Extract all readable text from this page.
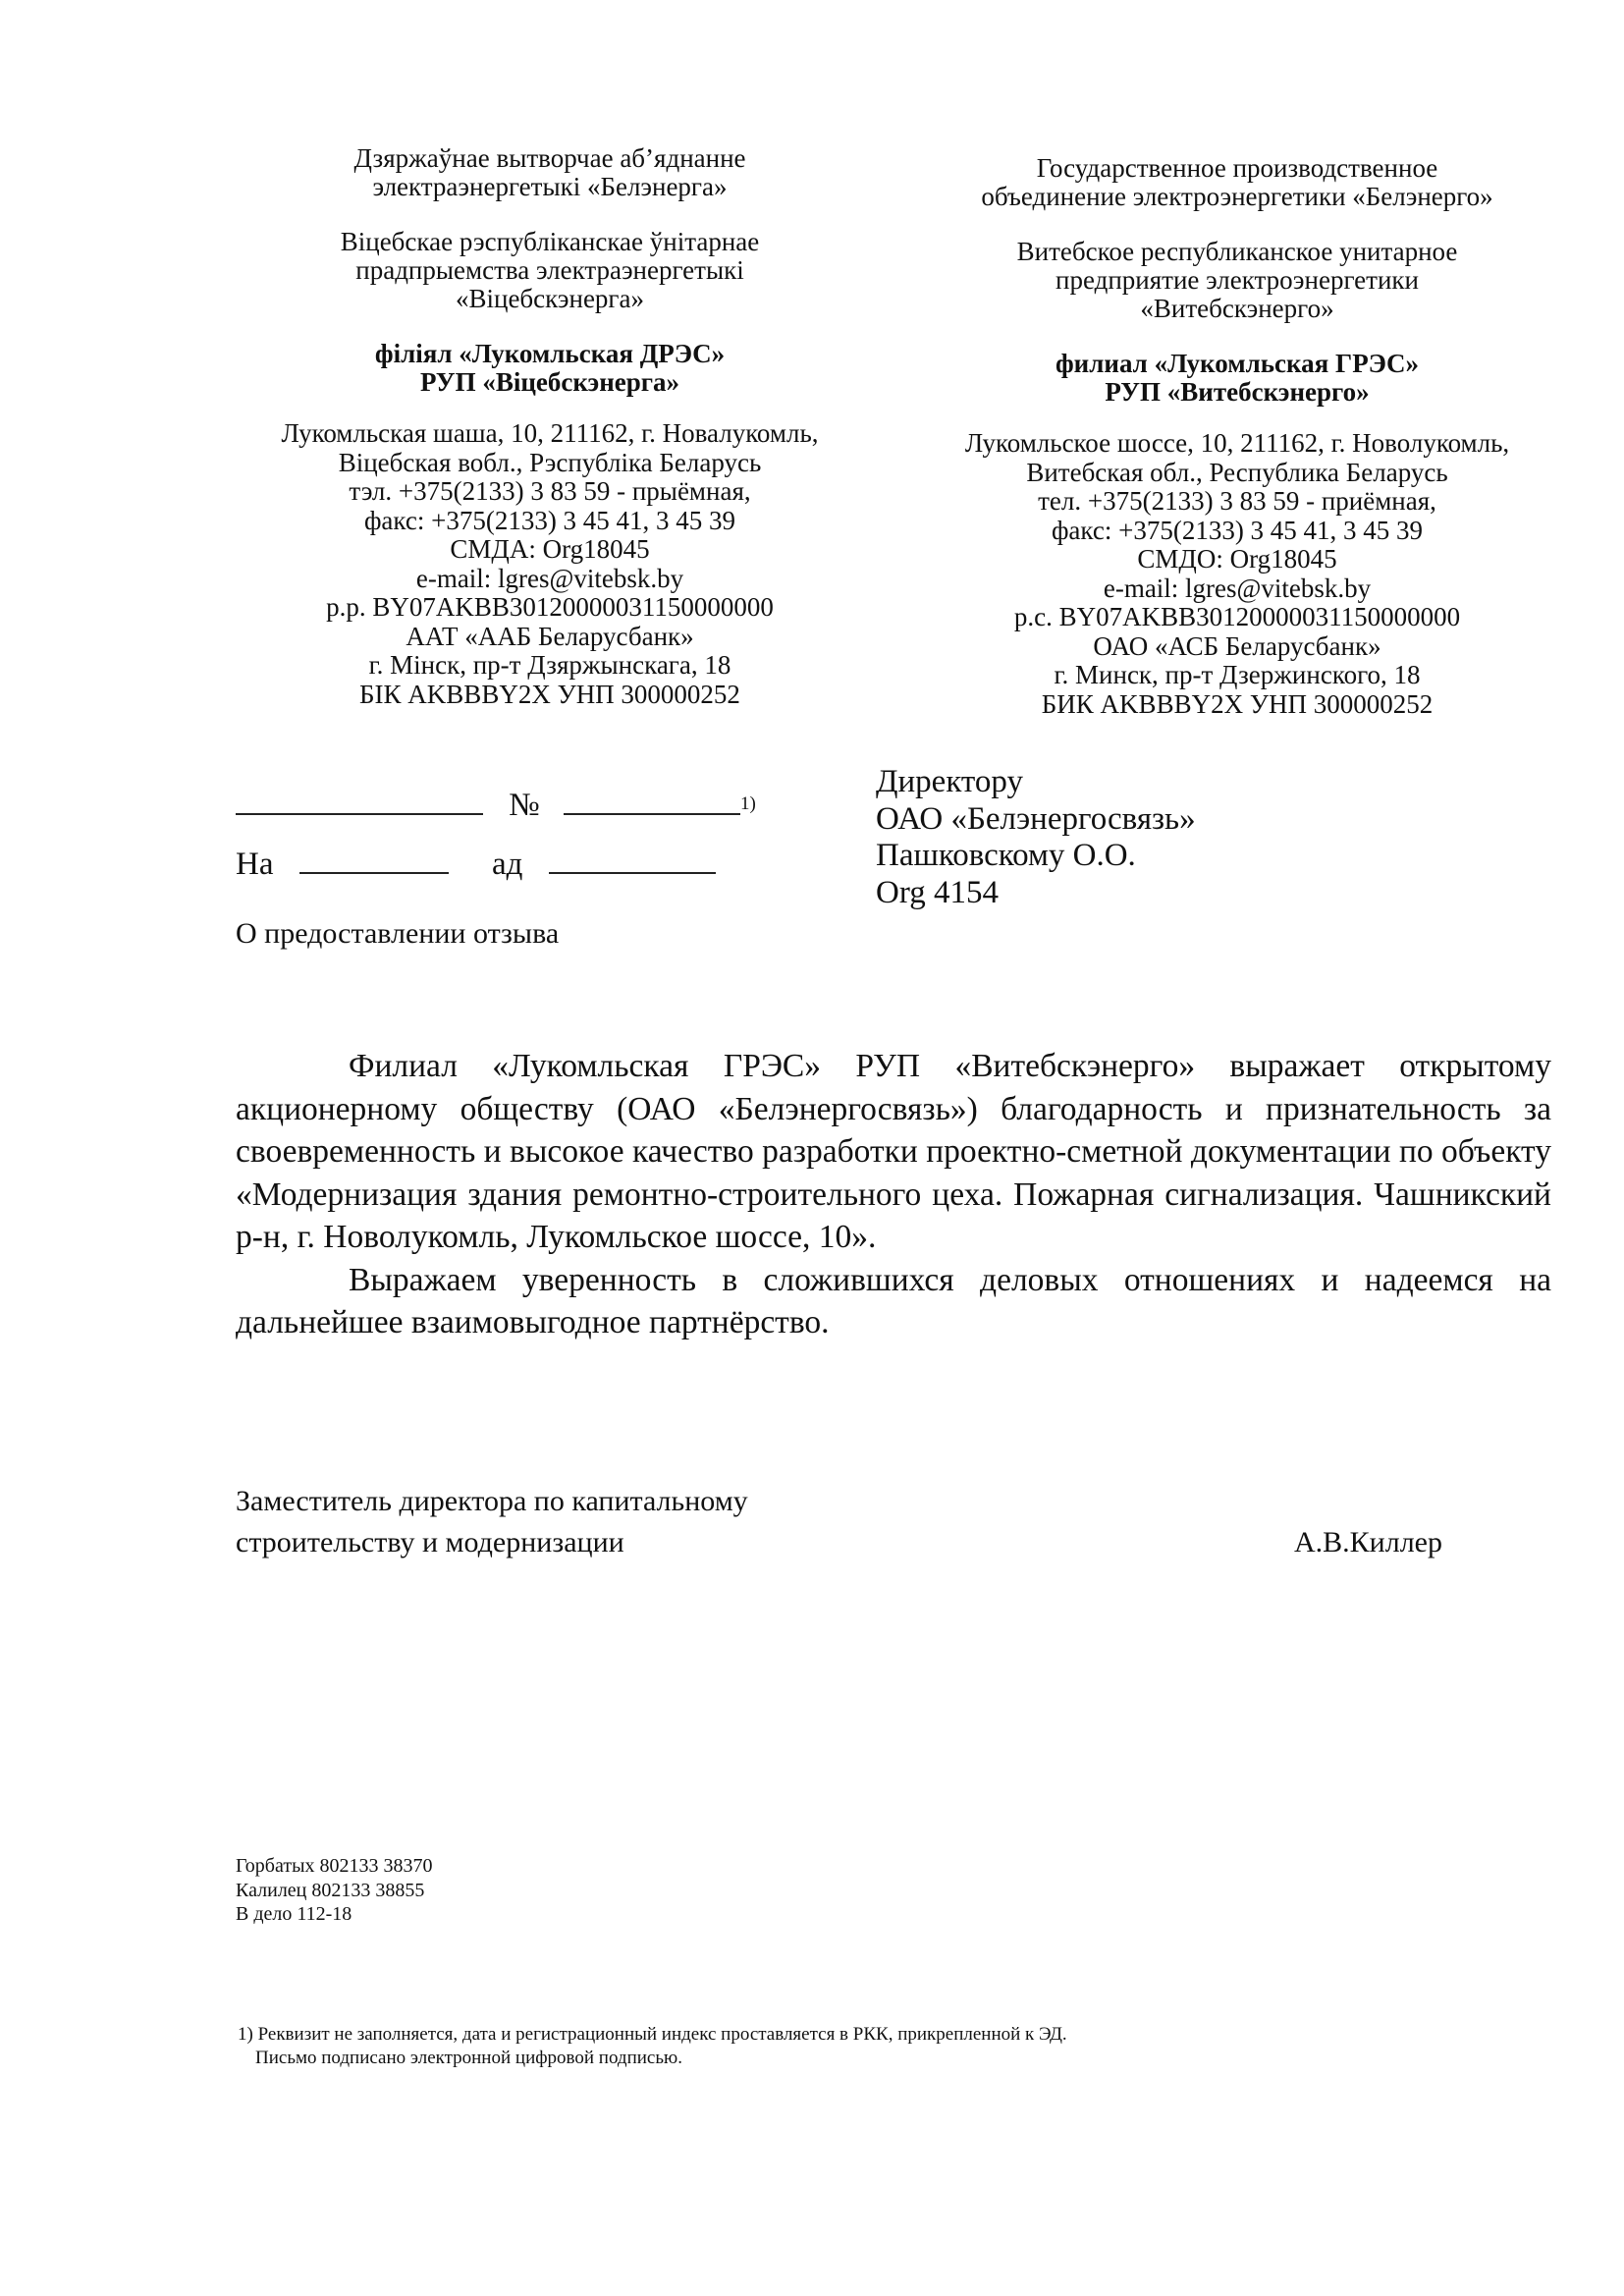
Дзяржаўнае вытворчае аб’яднанне
электраэнергетыкі «Белэнерга»
Віцебскае рэспубліканскае ўнітарнае
прадпрыемства электраэнергетыкі
«Віцебскэнерга»
філіял «Лукомльская ДРЭС»
РУП «Віцебскэнерга»
Лукомльская шаша, 10, 211162, г. Новалукомль,
Віцебская вобл., Рэспубліка Беларусь
тэл. +375(2133) 3 83 59 - прыёмная,
факс: +375(2133) 3 45 41, 3 45 39
СМДА: Org18045
e-mail: lgres@vitebsk.by
р.р. BY07AKBB30120000031150000000
ААТ «ААБ Беларусбанк»
г. Мінск, пр-т Дзяржынскага, 18
БІК AKBBBY2X УНП 300000252
Государственное производственное
объединение электроэнергетики «Белэнерго»
Витебское республиканское унитарное
предприятие электроэнергетики
«Витебскэнерго»
филиал «Лукомльская ГРЭС»
РУП «Витебскэнерго»
Лукомльское шоссе, 10, 211162, г. Новолукомль,
Витебская обл., Республика Беларусь
тел. +375(2133) 3 83 59 - приёмная,
факс: +375(2133) 3 45 41, 3 45 39
СМДО: Org18045
e-mail: lgres@vitebsk.by
р.с. BY07AKBB30120000031150000000
ОАО «АСБ Беларусбанк»
г. Минск, пр-т Дзержинского, 18
БИК AKBBBY2X УНП 300000252
№	1)
На	ад
Директору
ОАО «Белэнергосвязь»
Пашковскому О.О.
Org 4154
О предоставлении отзыва

Филиал «Лукомльская ГРЭС» РУП «Витебскэнерго» выражает открытому акционерному обществу (ОАО «Белэнергосвязь») благодарность и признательность за своевременность и высокое качество разработки проектно-сметной документации по объекту «Модернизация здания ремонтно-строительного цеха. Пожарная сигнализация. Чашникский р-н, г. Новолукомль, Лукомльское шоссе, 10».

Выражаем уверенность в сложившихся деловых отношениях и надеемся на дальнейшее взаимовыгодное партнёрство.

Заместитель директора по капитальному
строительству и модернизации	А.В.Киллер
Горбатых 802133 38370
Калилец 802133 38855
В дело 112-18
1) Реквизит не заполняется, дата и регистрационный индекс проставляется в РКК, прикрепленной к ЭД.
Письмо подписано электронной цифровой подписью.
